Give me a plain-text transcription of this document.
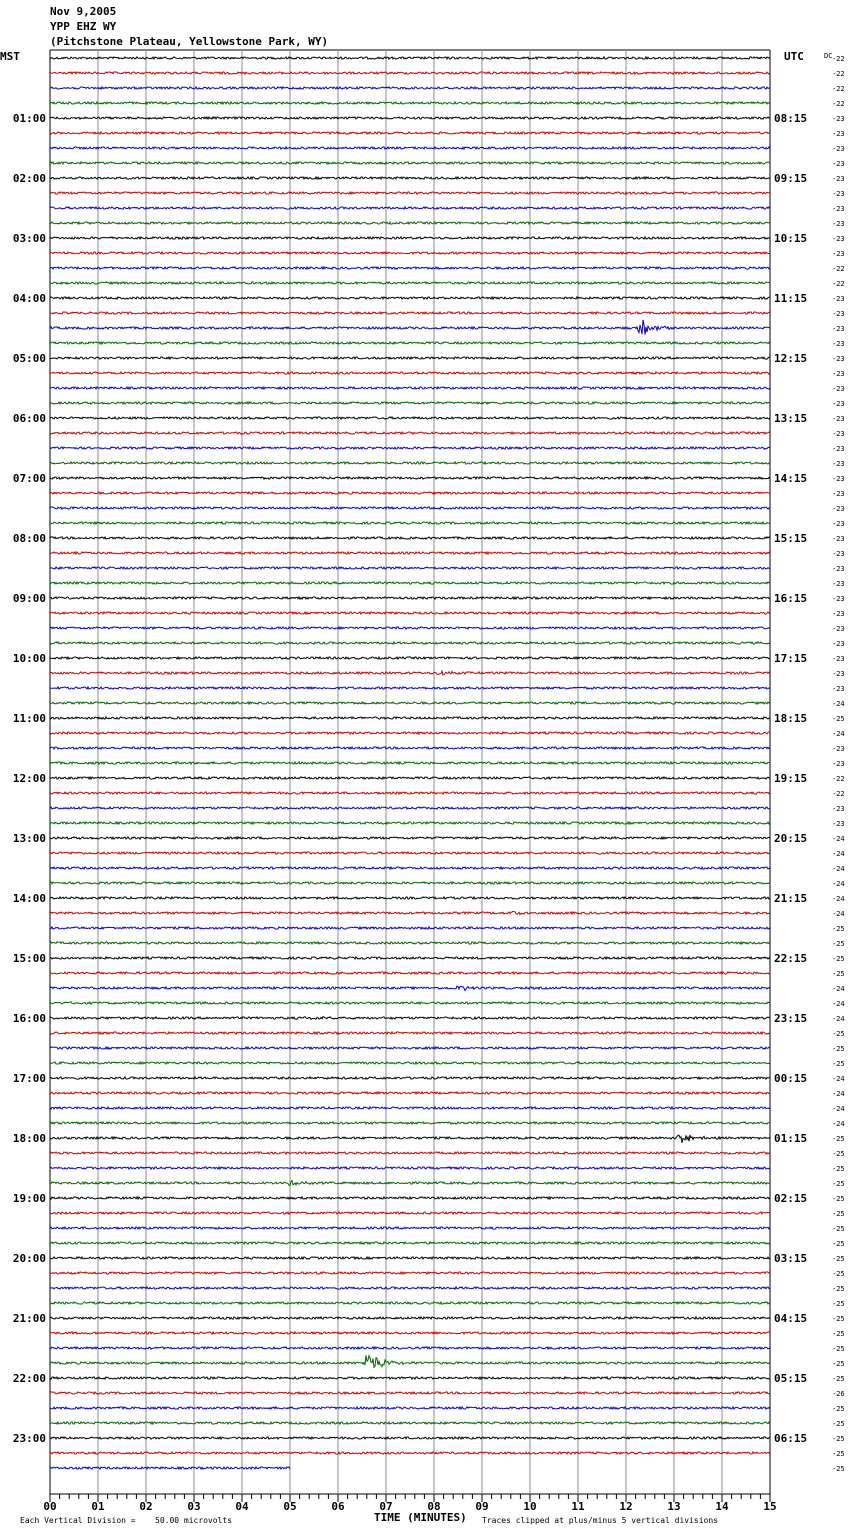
Nov 9,2005
YPP EHZ WY
(Pitchstone Plateau, Yellowstone Park, WY)
MST	UTC	DC
00	01	02	03	04	05	06	07	08	09	10	11	12	13	14	15
-22
-22
-22
-22
-23
-23
-23
-23
-23
-23
-23
-23
-23
-23
-22
-22
-23
-23
-23
-23
-23
-23
-23
-23
-23
-23
-23
-23
-23
-23
-23
-23
-23
-23
-23
-23
-23
-23
-23
-23
-23
-23
-23
-24
-25
-24
-23
-23
-22
-22
-23
-23
-24
-24
-24
-24
-24
-24
-25
-25
-25
-25
-24
-24
-24
-25
-25
-25
-24
-24
-24
-24
-25
-25
-25
-25
-25
-25
-25
-25
-25
-25
-25
-25
-25
-25
-25
-25
-25
-26
-25
-25
-25
-25
-25
01:00
02:00
03:00
04:00
05:00
06:00
07:00
08:00
09:00
10:00
11:00
12:00
13:00
14:00
15:00
16:00
17:00
18:00
19:00
20:00
21:00
22:00
23:00
08:15
09:15
10:15
11:15
12:15
13:15
14:15
15:15
16:15
17:15
18:15
19:15
20:15
21:15
22:15
23:15
00:15
01:15
02:15
03:15
04:15
05:15
06:15
Each Vertical Division = 50.00 microvolts	TIME (MINUTES) Traces clipped at plus/minus 5 vertical divisions
